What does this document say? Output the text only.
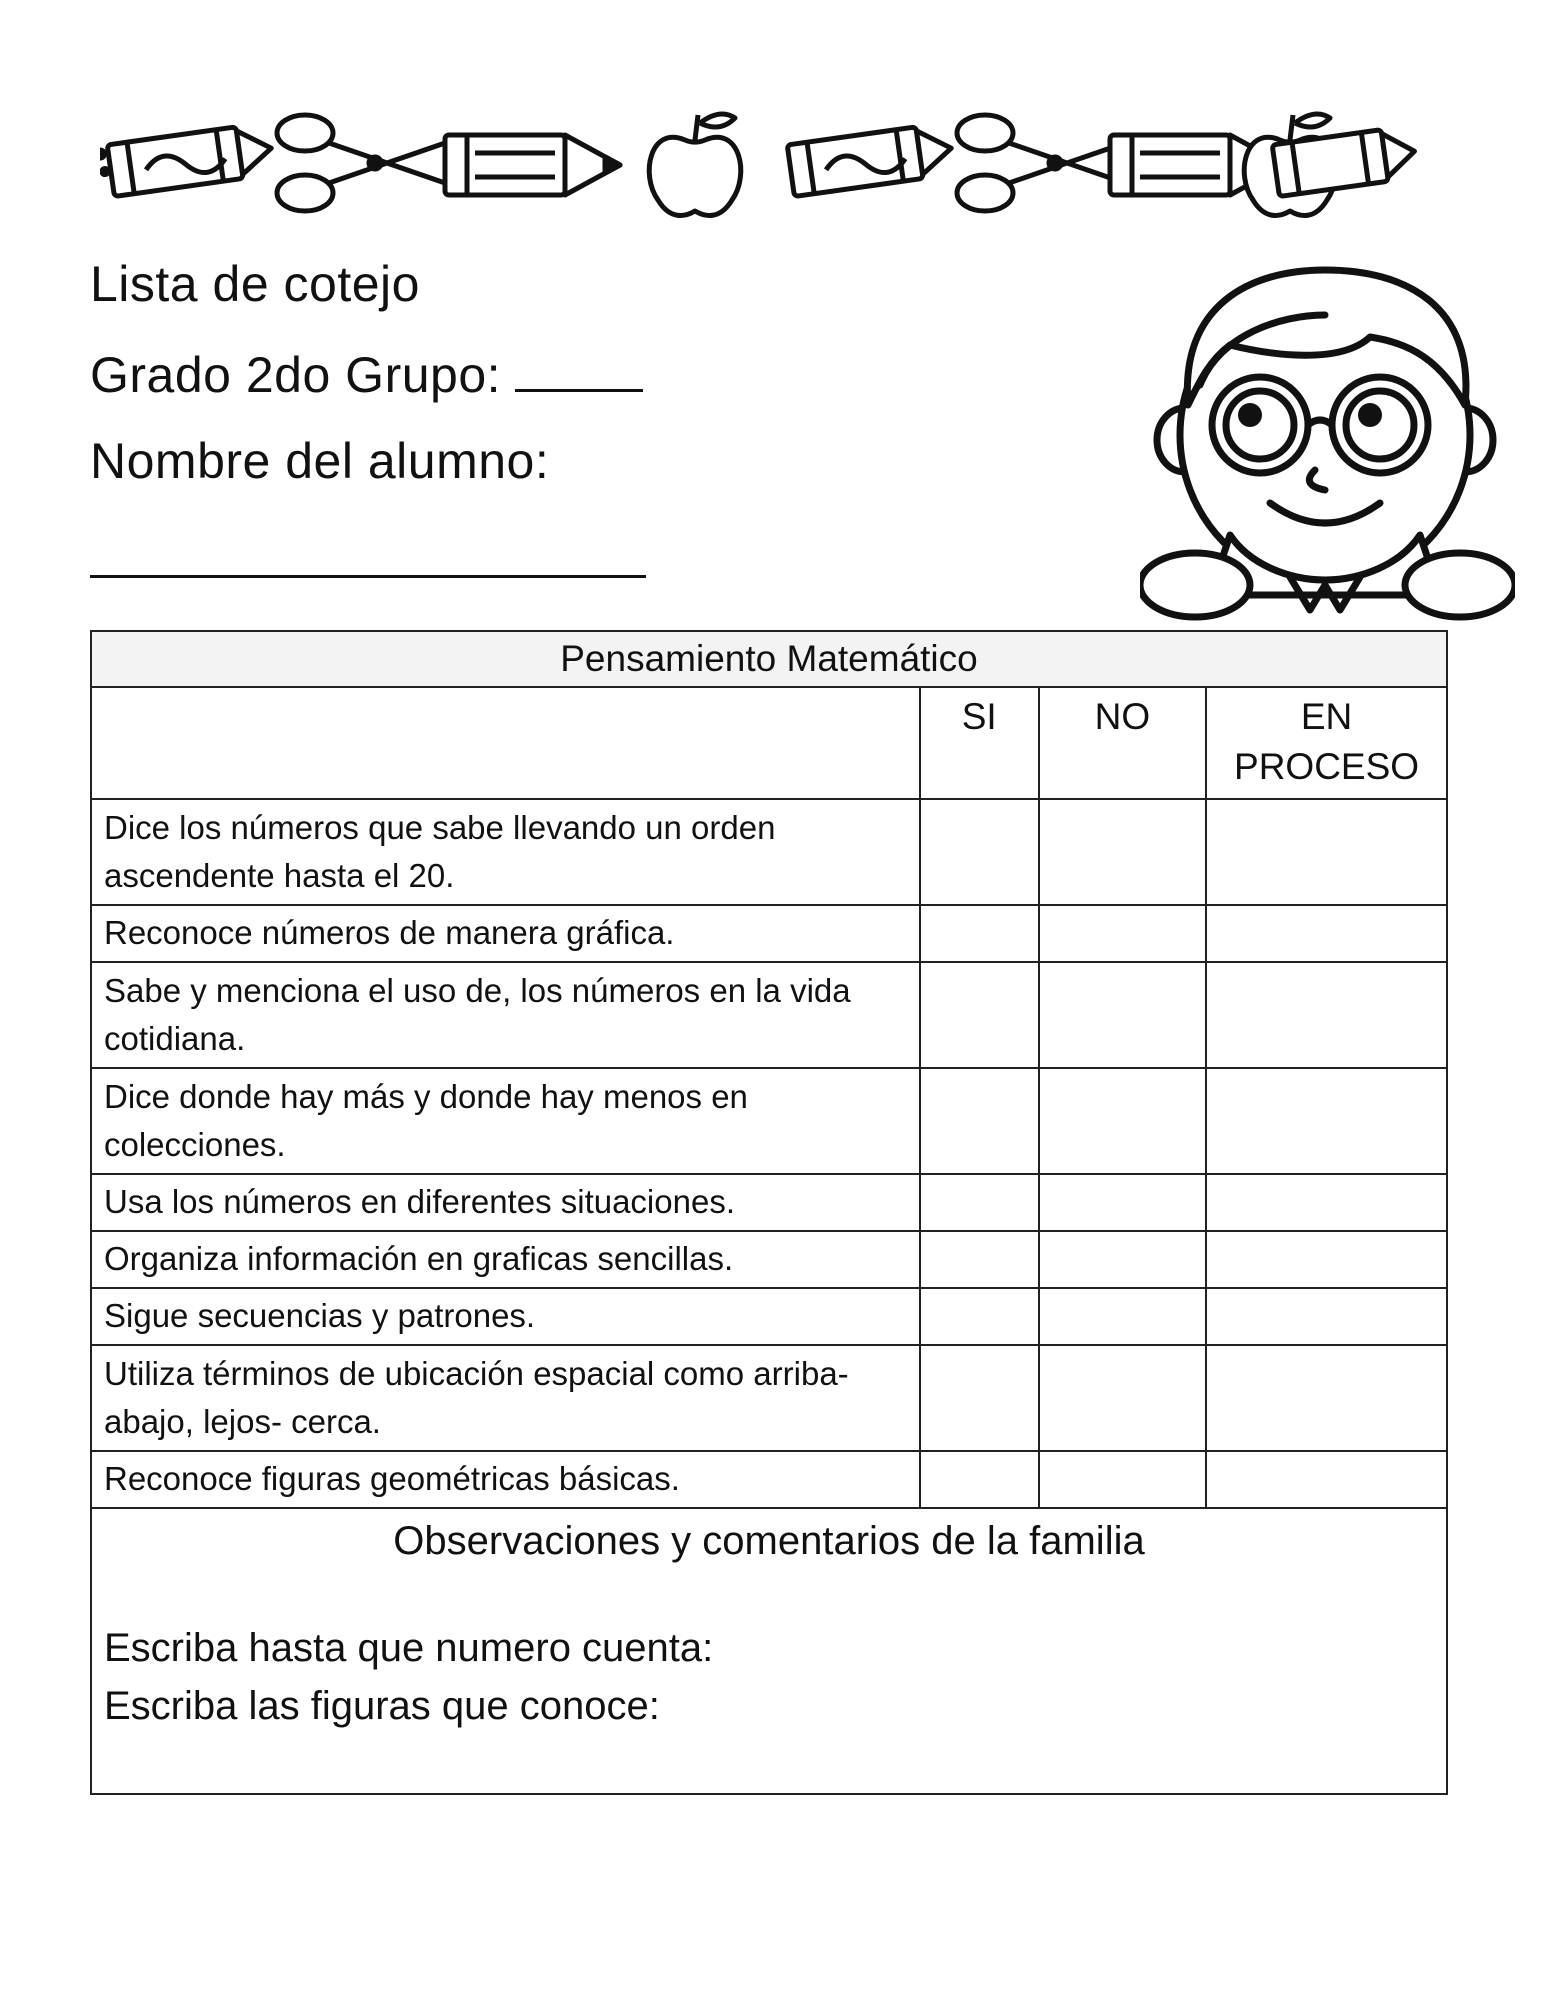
Lista de cotejo
Grado 2do Grupo:
Nombre del alumno:
Pensamiento Matemático			
	SI	NO	EN PROCESO
Dice los números que sabe llevando un orden ascendente hasta el 20.			
Reconoce números de manera gráfica.			
Sabe y menciona el uso de, los números en la vida cotidiana.			
Dice donde hay más y donde hay menos en colecciones.			
Usa los números en diferentes situaciones.			
Organiza información en graficas sencillas.			
Sigue secuencias y patrones.			
Utiliza términos de ubicación espacial como arriba- abajo, lejos- cerca.			
Reconoce figuras geométricas básicas.			

Observaciones y comentarios de la familia
Escriba hasta que numero cuenta:
Escriba las figuras que conoce:			
